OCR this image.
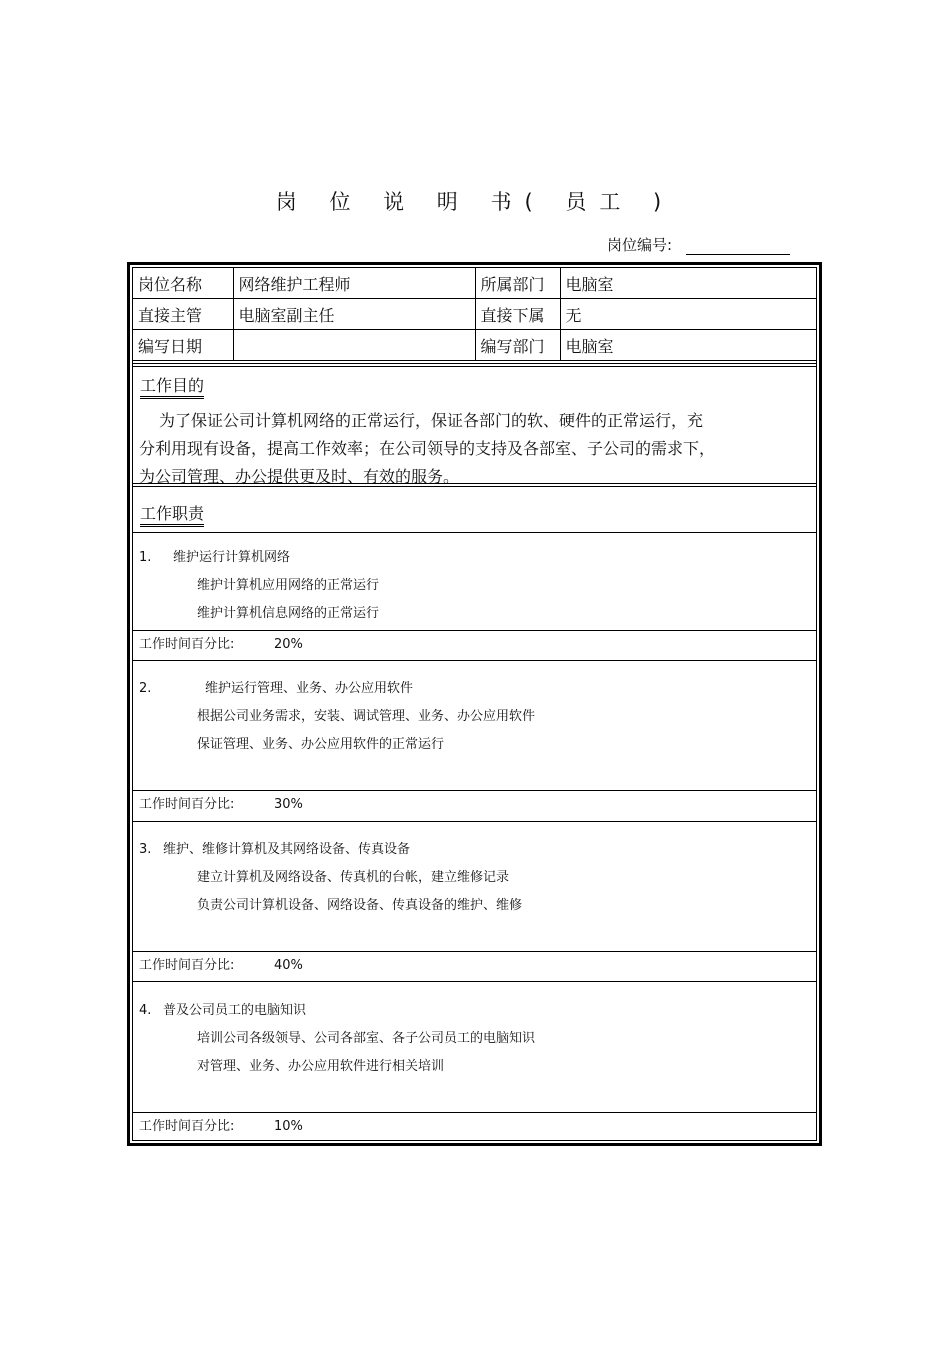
岗 位 说 明 书( 员工 )
岗位编号:
岗位名称	网络维护工程师	所属部门	电脑室
直接主管	电脑室副主任	直接下属	无
编写日期		编写部门	电脑室
工作目的
为了保证公司计算机网络的正常运行，保证各部门的软、硬件的正常运行，充
分利用现有设备，提高工作效率；在公司领导的支持及各部室、子公司的需求下，
为公司管理、办公提供更及时、有效的服务。
工作职责
1.	维护运行计算机网络
维护计算机应用网络的正常运行
维护计算机信息网络的正常运行
工作时间百分比:	20%
2.	维护运行管理、业务、办公应用软件
根据公司业务需求，安装、调试管理、业务、办公应用软件
保证管理、业务、办公应用软件的正常运行
工作时间百分比:	30%
3. 维护、维修计算机及其网络设备、传真设备
建立计算机及网络设备、传真机的台帐，建立维修记录
负责公司计算机设备、网络设备、传真设备的维护、维修
工作时间百分比:	40%
4. 普及公司员工的电脑知识
培训公司各级领导、公司各部室、各子公司员工的电脑知识
对管理、业务、办公应用软件进行相关培训
工作时间百分比:	10%
